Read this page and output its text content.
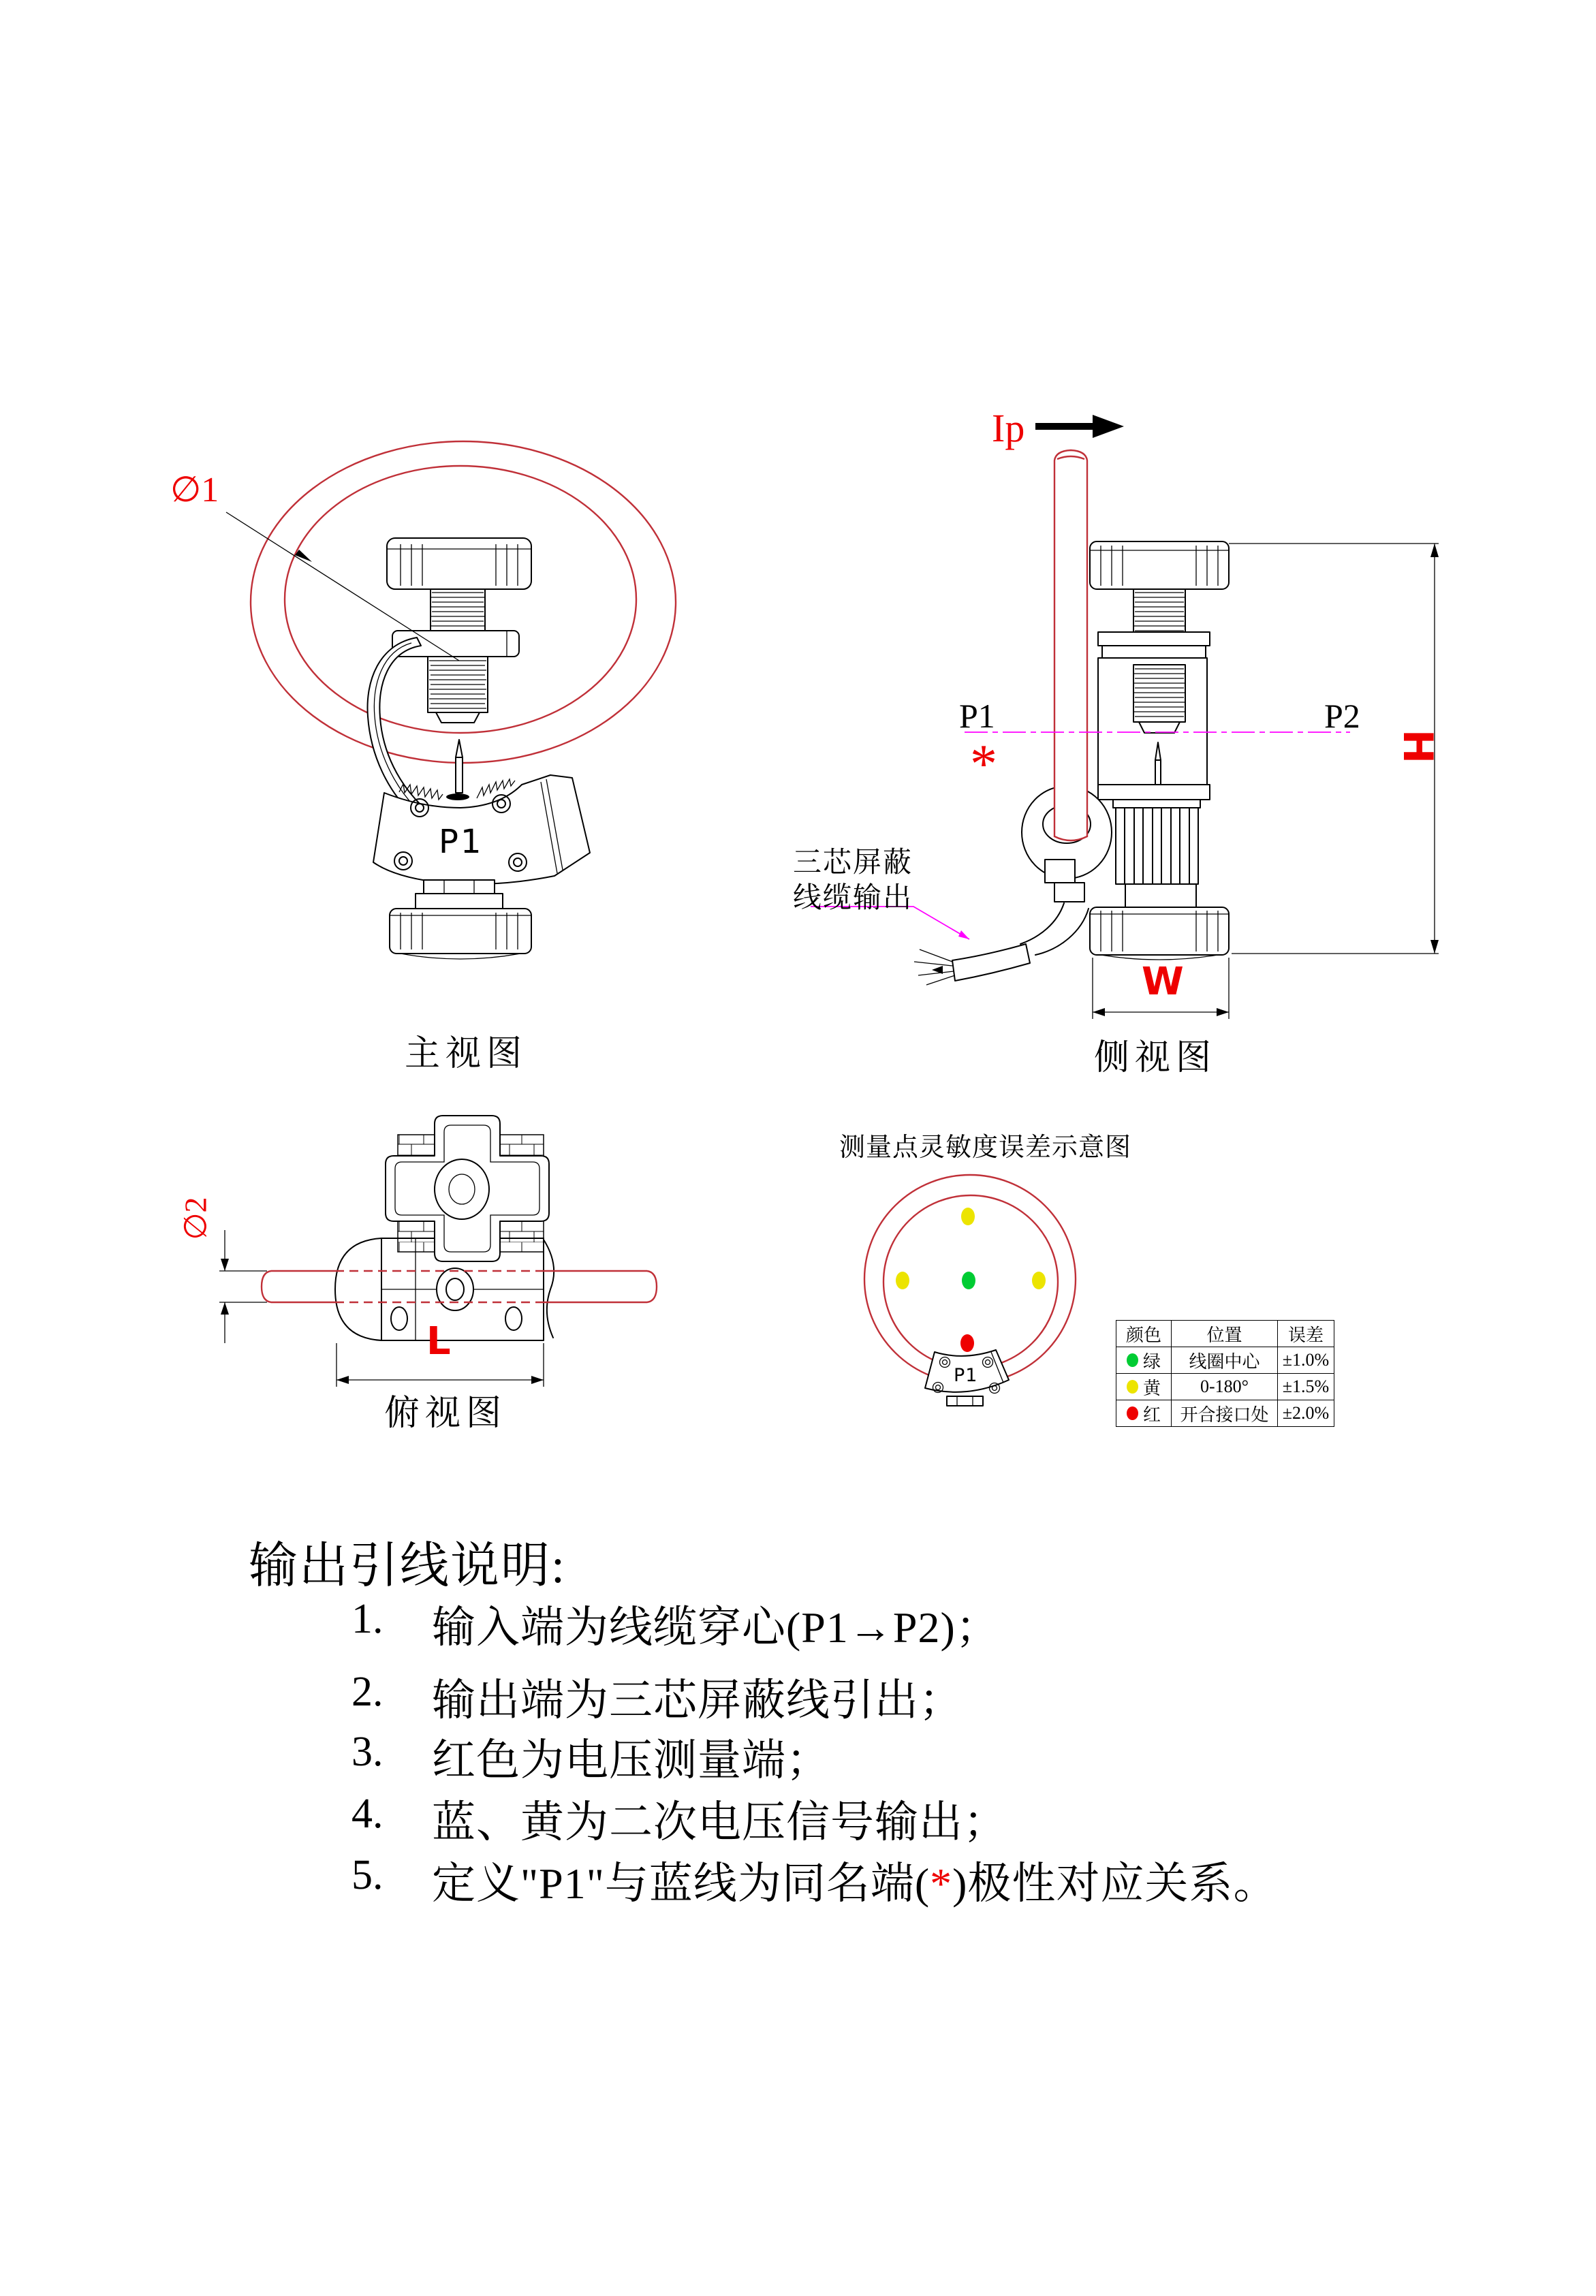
∅1
P1
主视图
Ip
P1	P2
*	H
W
三芯屏蔽
线缆输出
侧视图
∅2
L
俯视图
测量点灵敏度误差示意图
P1
颜色	位置	误差

绿	线圈中心	±1.0%

黄	0-180°	±1.5%

红	开合接口处	±2.0%
输出引线说明:
1. 输入端为线缆穿心(P1→P2)；
2. 输出端为三芯屏蔽线引出；
3. 红色为电压测量端；
4. 蓝、黄为二次电压信号输出；
5. 定义"P1"与蓝线为同名端(*)极性对应关系。
